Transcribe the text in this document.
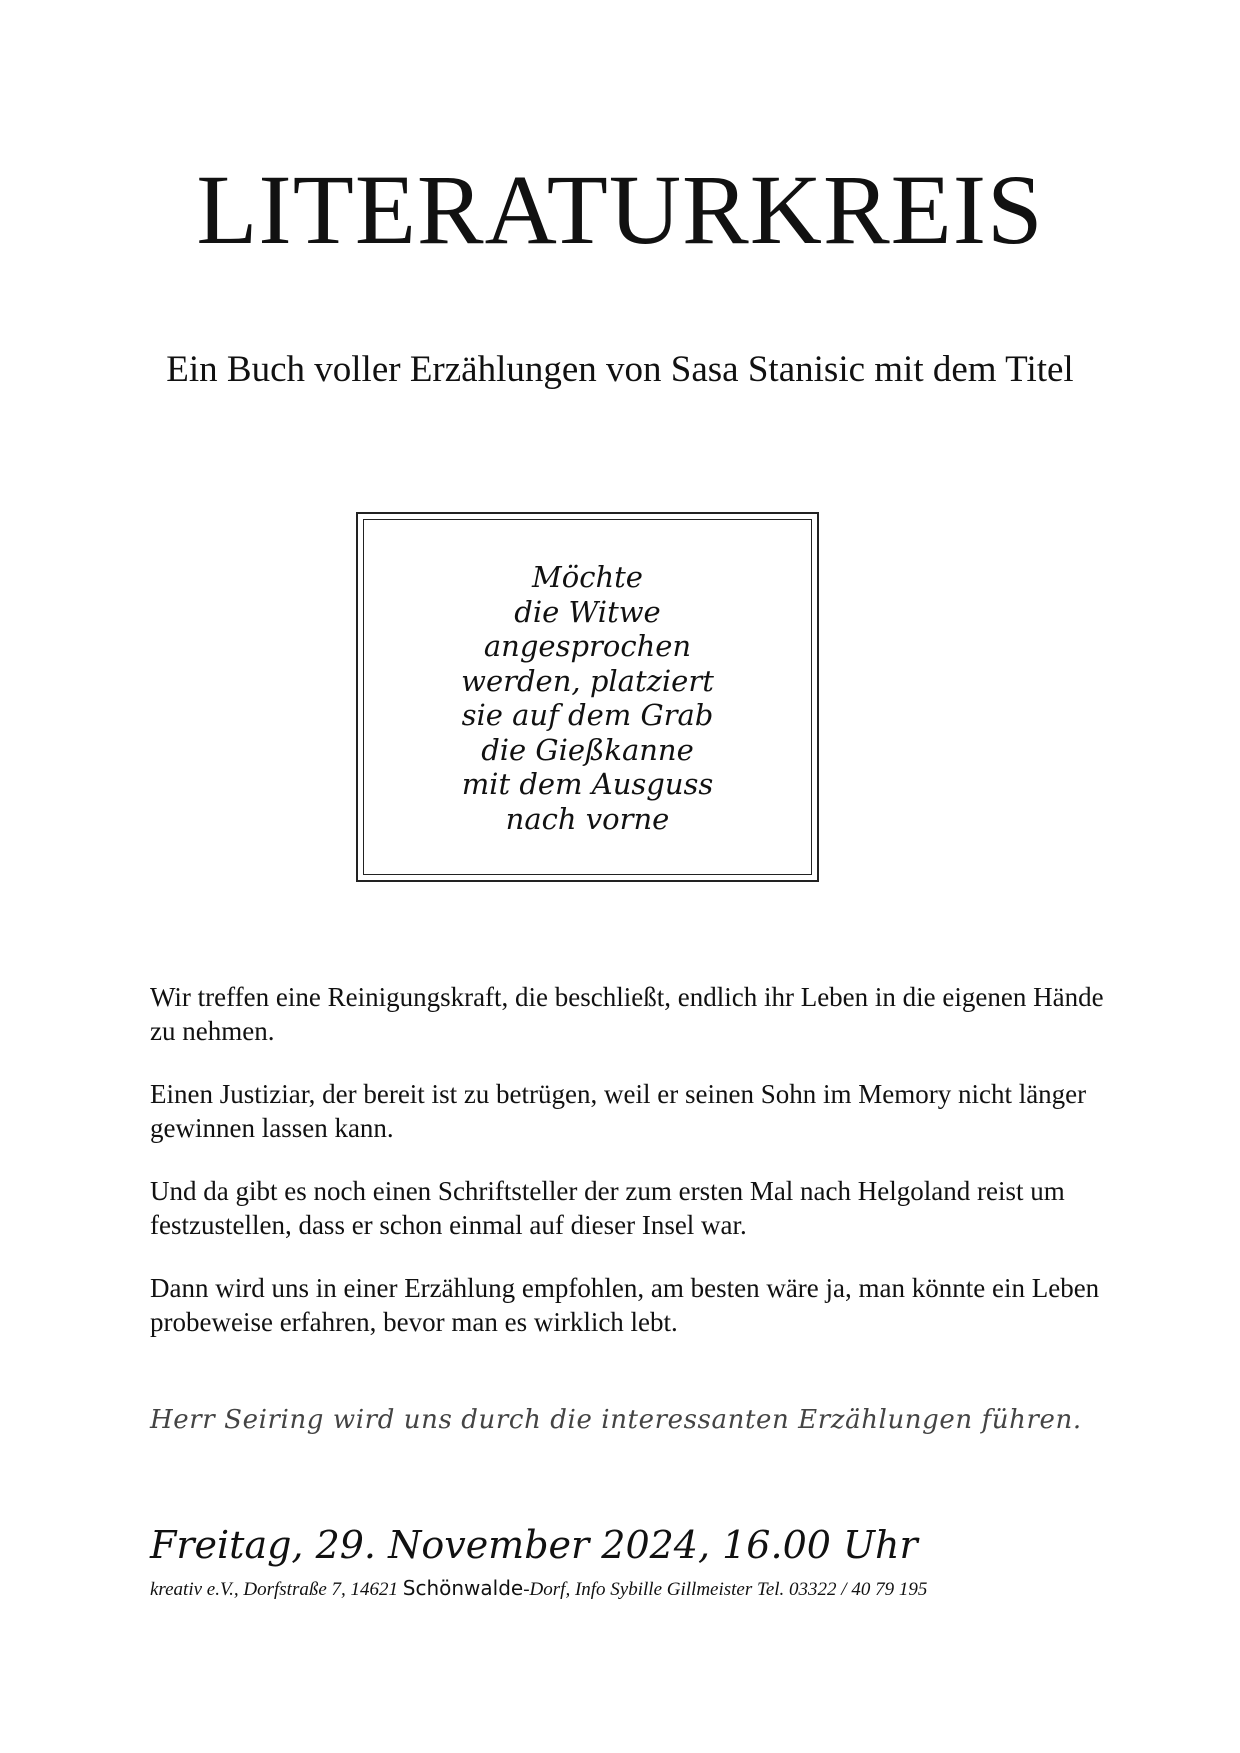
LITERATURKREIS

Ein Buch voller Erzählungen von Sasa Stanisic mit dem Titel

Möchte
die Witwe
angesprochen
werden, platziert
sie auf dem Grab
die Gießkanne
mit dem Ausguss
nach vorne

Wir treffen eine Reinigungskraft, die beschließt, endlich ihr Leben in die eigenen Hände zu nehmen.

Einen Justiziar, der bereit ist zu betrügen, weil er seinen Sohn im Memory nicht länger gewinnen lassen kann.

Und da gibt es noch einen Schriftsteller der zum ersten Mal nach Helgoland reist um festzustellen, dass er schon einmal auf dieser Insel war.

Dann wird uns in einer Erzählung empfohlen, am besten wäre ja, man könnte ein Leben probeweise erfahren, bevor man es wirklich lebt.

Herr Seiring wird uns durch die interessanten Erzählungen führen.
Freitag, 29. November 2024, 16.00 Uhr
kreativ e.V., Dorfstraße 7, 14621 Schönwalde-Dorf, Info Sybille Gillmeister Tel. 03322 / 40 79 195
